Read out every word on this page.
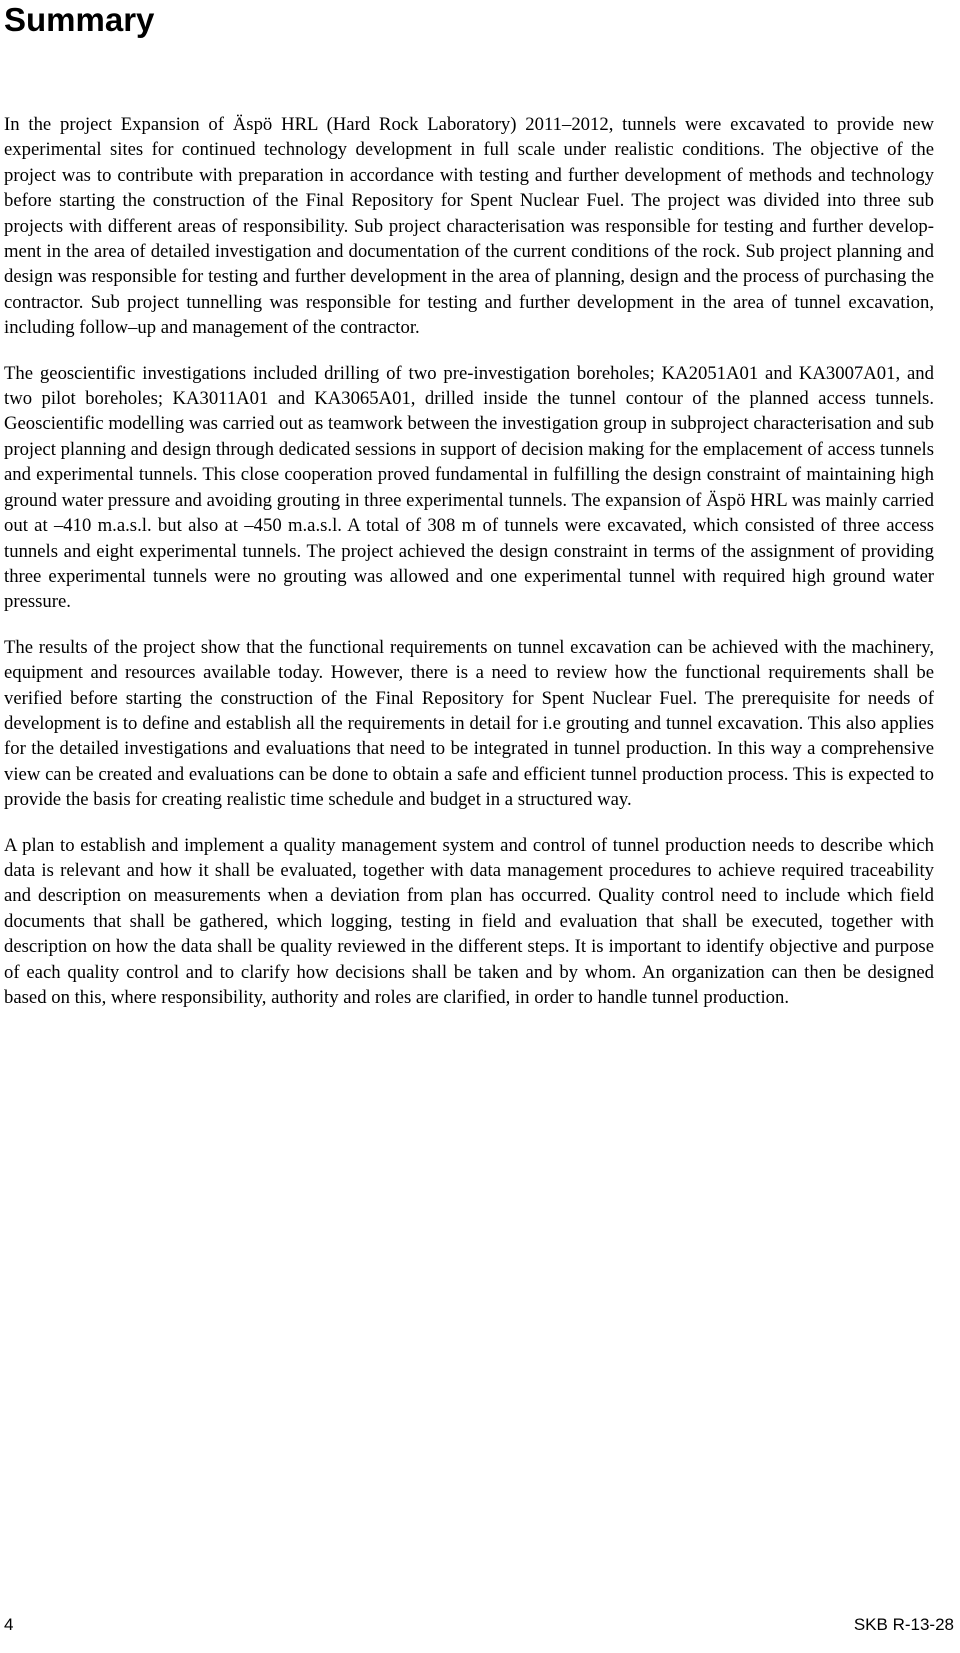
Summary

In the project Expansion of Äspö HRL (Hard Rock Laboratory) 2011–2012, tunnels were excavated to provide new experimental sites for continued technology development in full scale under realistic conditions. The objective of the project was to contribute with preparation in accordance with testing and further development of methods and technology before starting the construction of the Final Repository for Spent Nuclear Fuel. The project was divided into three sub projects with different areas of responsibility. Sub project characterisation was responsible for testing and further development in the area of detailed investigation and documentation of the current conditions of the rock. Sub project planning and design was responsible for testing and further development in the area of planning, design and the process of purchasing the contractor. Sub project tunnelling was responsible for testing and further development in the area of tunnel excavation, including follow–up and management of the contractor.

The geoscientific investigations included drilling of two pre-investigation boreholes; KA2051A01 and KA3007A01, and two pilot boreholes; KA3011A01 and KA3065A01, drilled inside the tunnel contour of the planned access tunnels. Geoscientific modelling was carried out as teamwork between the investigation group in subproject characterisation and sub project planning and design through dedicated sessions in support of decision making for the emplacement of access tunnels and experimental tunnels. This close cooperation proved fundamental in fulfilling the design constraint of maintaining high ground water pressure and avoiding grouting in three experimental tunnels. The expansion of Äspö HRL was mainly carried out at –410 m.a.s.l. but also at –450 m.a.s.l. A total of 308 m of tunnels were excavated, which consisted of three access tunnels and eight experimental tunnels. The project achieved the design constraint in terms of the assignment of providing three experimental tunnels were no grouting was allowed and one experimental tunnel with required high ground water pressure.

The results of the project show that the functional requirements on tunnel excavation can be achieved with the machinery, equipment and resources available today. However, there is a need to review how the functional requirements shall be verified before starting the construction of the Final Repository for Spent Nuclear Fuel. The prerequisite for needs of development is to define and establish all the requirements in detail for i.e grouting and tunnel excavation. This also applies for the detailed investigations and evaluations that need to be integrated in tunnel production. In this way a comprehensive view can be created and evaluations can be done to obtain a safe and efficient tunnel production process. This is expected to provide the basis for creating realistic time schedule and budget in a structured way.

A plan to establish and implement a quality management system and control of tunnel production needs to describe which data is relevant and how it shall be evaluated, together with data management procedures to achieve required traceability and description on measurements when a deviation from plan has occurred. Quality control need to include which field documents that shall be gathered, which logging, testing in field and evaluation that shall be executed, together with description on how the data shall be quality reviewed in the different steps. It is important to identify objective and purpose of each quality control and to clarify how decisions shall be taken and by whom. An organization can then be designed based on this, where responsibility, authority and roles are clarified, in order to handle tunnel production.

4	SKB R-13-28
